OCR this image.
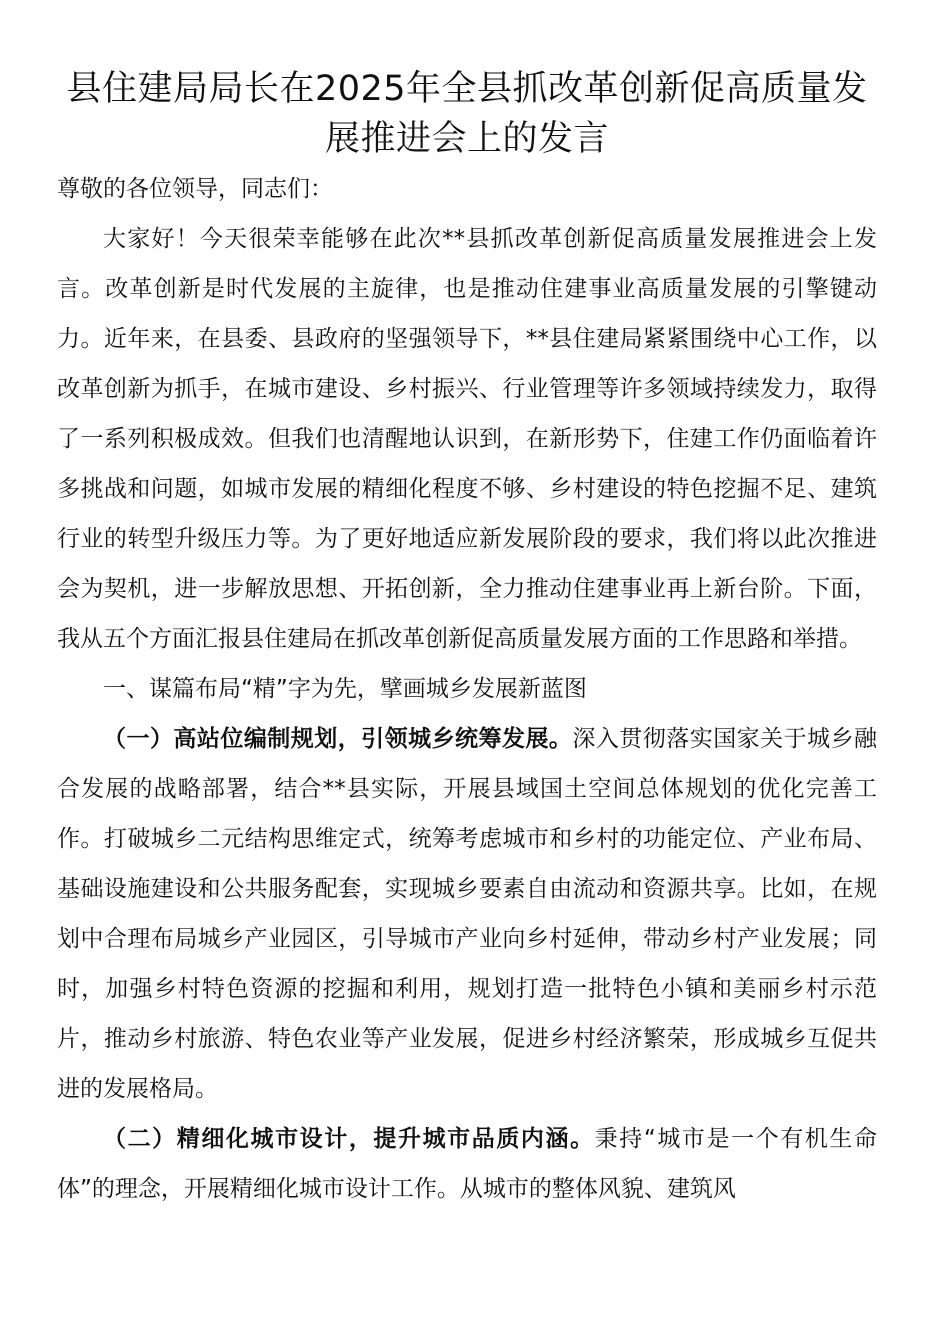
县住建局局长在2025年全县抓改革创新促高质量发展推进会上的发言

尊敬的各位领导，同志们：

大家好！今天很荣幸能够在此次**县抓改革创新促高质量发展推进会上发言。改革创新是时代发展的主旋律，也是推动住建事业高质量发展的引擎键动力。近年来，在县委、县政府的坚强领导下，**县住建局紧紧围绕中心工作，以改革创新为抓手，在城市建设、乡村振兴、行业管理等许多领域持续发力，取得了一系列积极成效。但我们也清醒地认识到，在新形势下，住建工作仍面临着许多挑战和问题，如城市发展的精细化程度不够、乡村建设的特色挖掘不足、建筑行业的转型升级压力等。为了更好地适应新发展阶段的要求，我们将以此次推进会为契机，进一步解放思想、开拓创新，全力推动住建事业再上新台阶。下面，我从五个方面汇报县住建局在抓改革创新促高质量发展方面的工作思路和举措。

一、谋篇布局“精”字为先，擘画城乡发展新蓝图

（一）高站位编制规划，引领城乡统筹发展。深入贯彻落实国家关于城乡融合发展的战略部署，结合**县实际，开展县域国土空间总体规划的优化完善工作。打破城乡二元结构思维定式，统筹考虑城市和乡村的功能定位、产业布局、基础设施建设和公共服务配套，实现城乡要素自由流动和资源共享。比如，在规划中合理布局城乡产业园区，引导城市产业向乡村延伸，带动乡村产业发展；同时，加强乡村特色资源的挖掘和利用，规划打造一批特色小镇和美丽乡村示范片，推动乡村旅游、特色农业等产业发展，促进乡村经济繁荣，形成城乡互促共进的发展格局。

（二）精细化城市设计，提升城市品质内涵。秉持“城市是一个有机生命体”的理念，开展精细化城市设计工作。从城市的整体风貌、建筑风
